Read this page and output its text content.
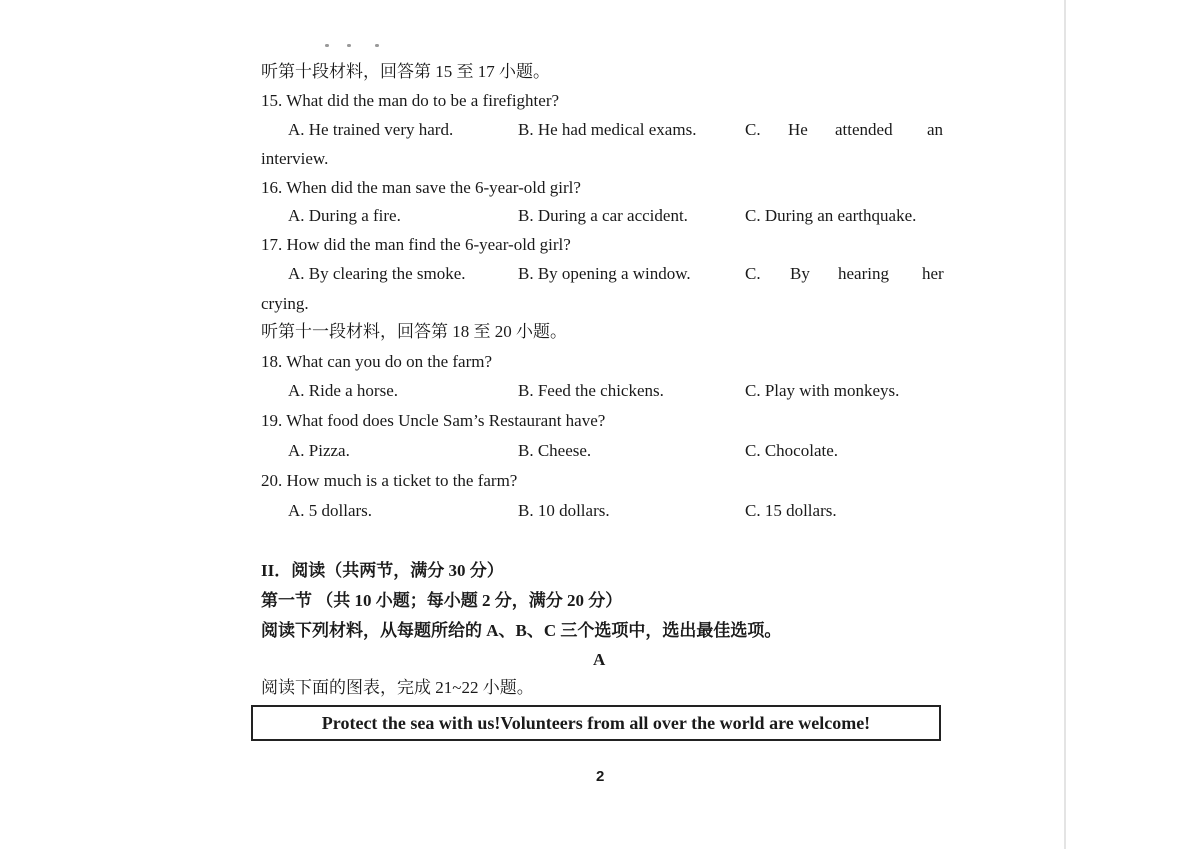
听第十段材料，回答第 15 至 17 小题。
15. What did the man do to be a firefighter?
A. He trained very hard.	B. He had medical exams.	C. He attended an
interview.
16. When did the man save the 6-year-old girl?
A. During a fire.	B. During a car accident.	C. During an earthquake.
17. How did the man find the 6-year-old girl?
A. By clearing the smoke.	B. By opening a window.	C. By hearing her
crying.
听第十一段材料，回答第 18 至 20 小题。
18. What can you do on the farm?
A. Ride a horse.	B. Feed the chickens.	C. Play with monkeys.
19. What food does Uncle Sam’s Restaurant have?
A. Pizza.	B. Cheese.	C. Chocolate.
20. How much is a ticket to the farm?
A. 5 dollars.	B. 10 dollars.	C. 15 dollars.
II．阅读（共两节，满分 30 分）
第一节 （共 10 小题；每小题 2 分，满分 20 分）
阅读下列材料，从每题所给的 A、B、C 三个选项中，选出最佳选项。
A
阅读下面的图表，完成 21~22 小题。
Protect the sea with us!Volunteers from all over the world are welcome!
2
